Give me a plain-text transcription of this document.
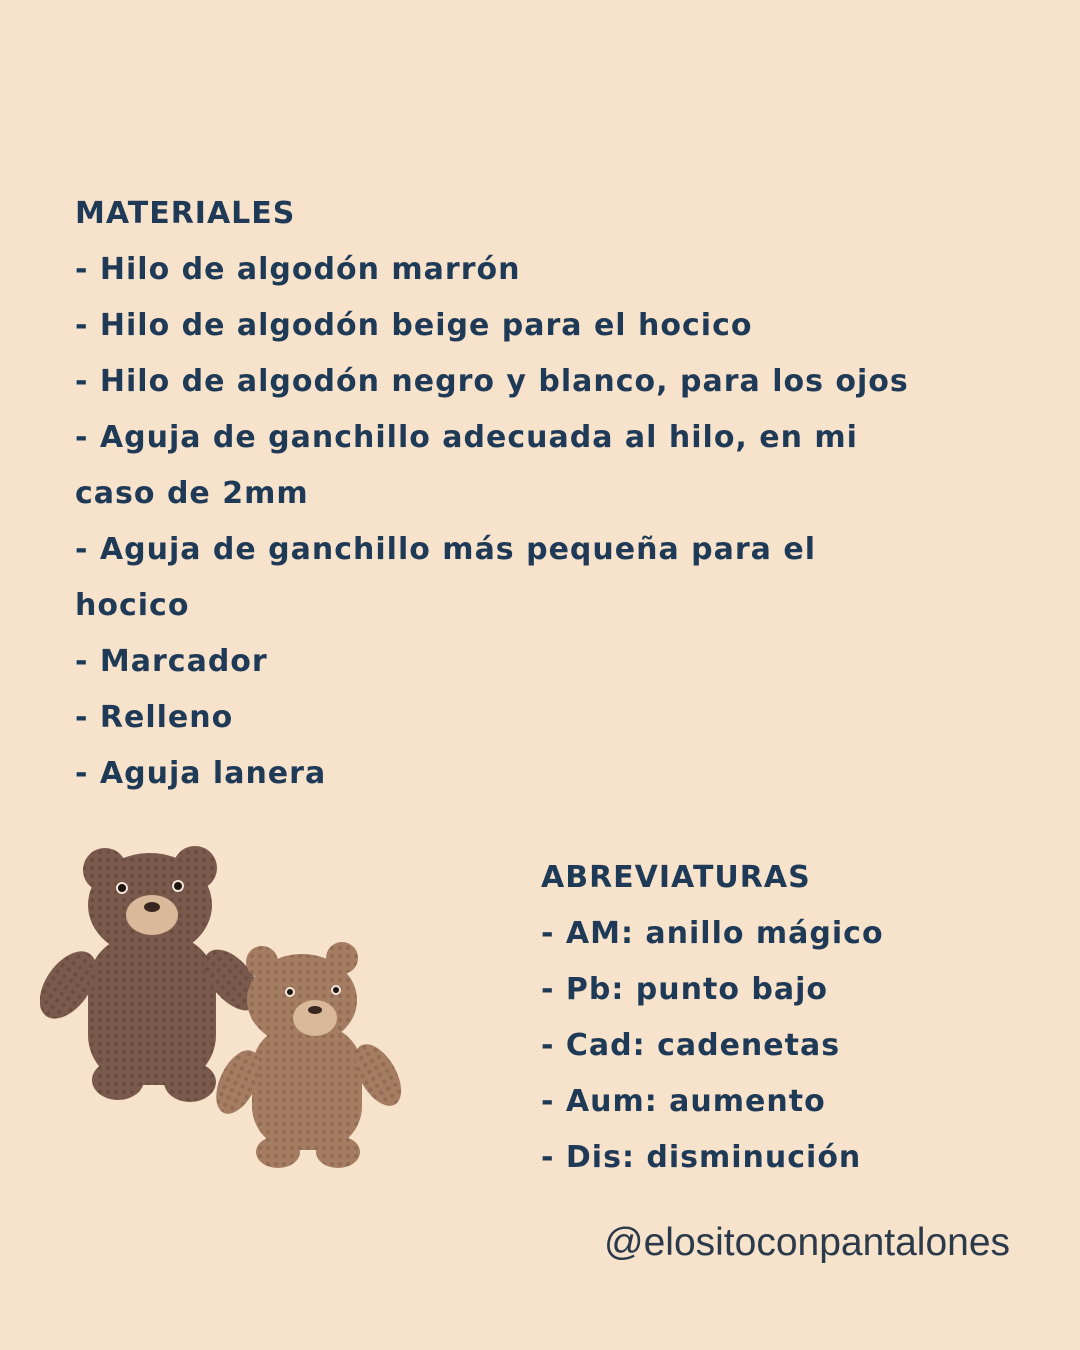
MATERIALES
- Hilo de algodón marrón
- Hilo de algodón beige para el hocico
- Hilo de algodón negro y blanco, para los ojos
- Aguja de ganchillo adecuada al hilo, en mi caso de 2mm
- Aguja de ganchillo más pequeña para el hocico
- Marcador
- Relleno
- Aguja lanera
ABREVIATURAS
- AM: anillo mágico
- Pb: punto bajo
- Cad: cadenetas
- Aum: aumento
- Dis: disminución
@elositoconpantalones
